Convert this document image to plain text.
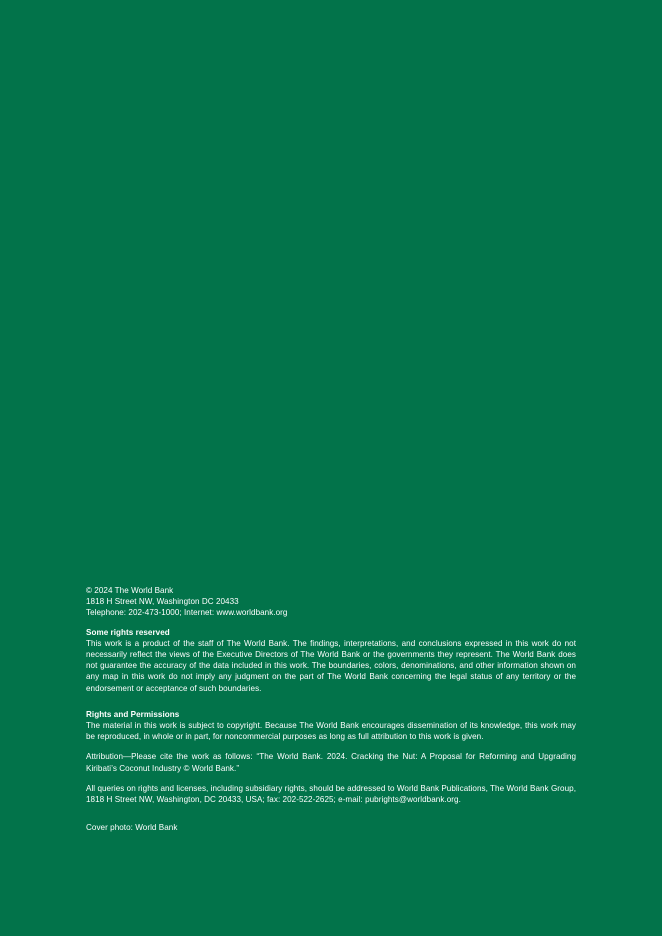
© 2024 The World Bank

1818 H Street NW, Washington DC 20433

Telephone: 202-473-1000; Internet: www.worldbank.org

Some rights reserved

This work is a product of the staff of The World Bank. The findings, interpretations, and conclusions expressed in this work do not necessarily reflect the views of the Executive Directors of The World Bank or the governments they represent. The World Bank does not guarantee the accuracy of the data included in this work. The boundaries, colors, denominations, and other information shown on any map in this work do not imply any judgment on the part of The World Bank concerning the legal status of any territory or the endorsement or acceptance of such boundaries.

Rights and Permissions

The material in this work is subject to copyright. Because The World Bank encourages dissemination of its knowledge, this work may be reproduced, in whole or in part, for noncommercial purposes as long as full attribution to this work is given.

Attribution—Please cite the work as follows: “The World Bank. 2024. Cracking the Nut: A Proposal for Reforming and Upgrading Kiribati’s Coconut Industry © World Bank.”

All queries on rights and licenses, including subsidiary rights, should be addressed to World Bank Publications, The World Bank Group, 1818 H Street NW, Washington, DC 20433, USA; fax: 202-522-2625; e-mail: pubrights@worldbank.org.

Cover photo: World Bank
